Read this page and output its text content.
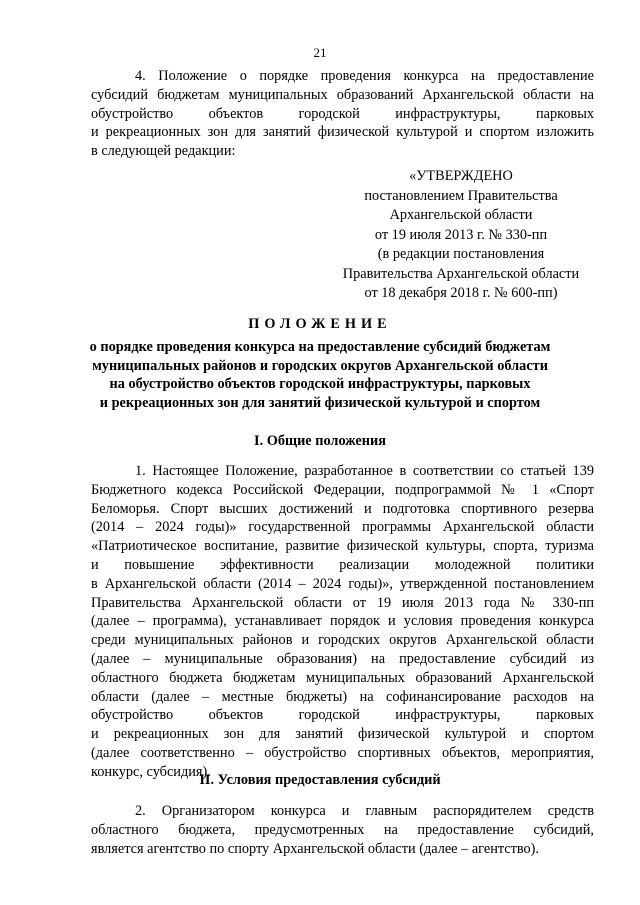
21
4. Положение о порядке проведения конкурса на предоставление
субсидий бюджетам муниципальных образований Архангельской области на
обустройство объектов городской инфраструктуры, парковых
и рекреационных зон для занятий физической культурой и спортом изложить
в следующей редакции:
«УТВЕРЖДЕНО
постановлением Правительства
Архангельской области
от 19 июля 2013 г. № 330-пп
(в редакции постановления
Правительства Архангельской области
от 18 декабря 2018 г. № 600-пп)
ПОЛОЖЕНИЕ
о порядке проведения конкурса на предоставление субсидий бюджетам
муниципальных районов и городских округов Архангельской области
на обустройство объектов городской инфраструктуры, парковых
и рекреационных зон для занятий физической культурой и спортом
I. Общие положения
1. Настоящее Положение, разработанное в соответствии со статьей 139
Бюджетного кодекса Российской Федерации, подпрограммой № 1 «Спорт
Беломорья. Спорт высших достижений и подготовка спортивного резерва
(2014 – 2024 годы)» государственной программы Архангельской области
«Патриотическое воспитание, развитие физической культуры, спорта, туризма
и повышение эффективности реализации молодежной политики
в Архангельской области (2014 – 2024 годы)», утвержденной постановлением
Правительства Архангельской области от 19 июля 2013 года № 330-пп
(далее – программа), устанавливает порядок и условия проведения конкурса
среди муниципальных районов и городских округов Архангельской области
(далее – муниципальные образования) на предоставление субсидий из
областного бюджета бюджетам муниципальных образований Архангельской
области (далее – местные бюджеты) на софинансирование расходов на
обустройство объектов городской инфраструктуры, парковых
и рекреационных зон для занятий физической культурой и спортом
(далее соответственно – обустройство спортивных объектов, мероприятия,
конкурс, субсидия).
II. Условия предоставления субсидий
2. Организатором конкурса и главным распорядителем средств
областного бюджета, предусмотренных на предоставление субсидий,
является агентство по спорту Архангельской области (далее – агентство).
